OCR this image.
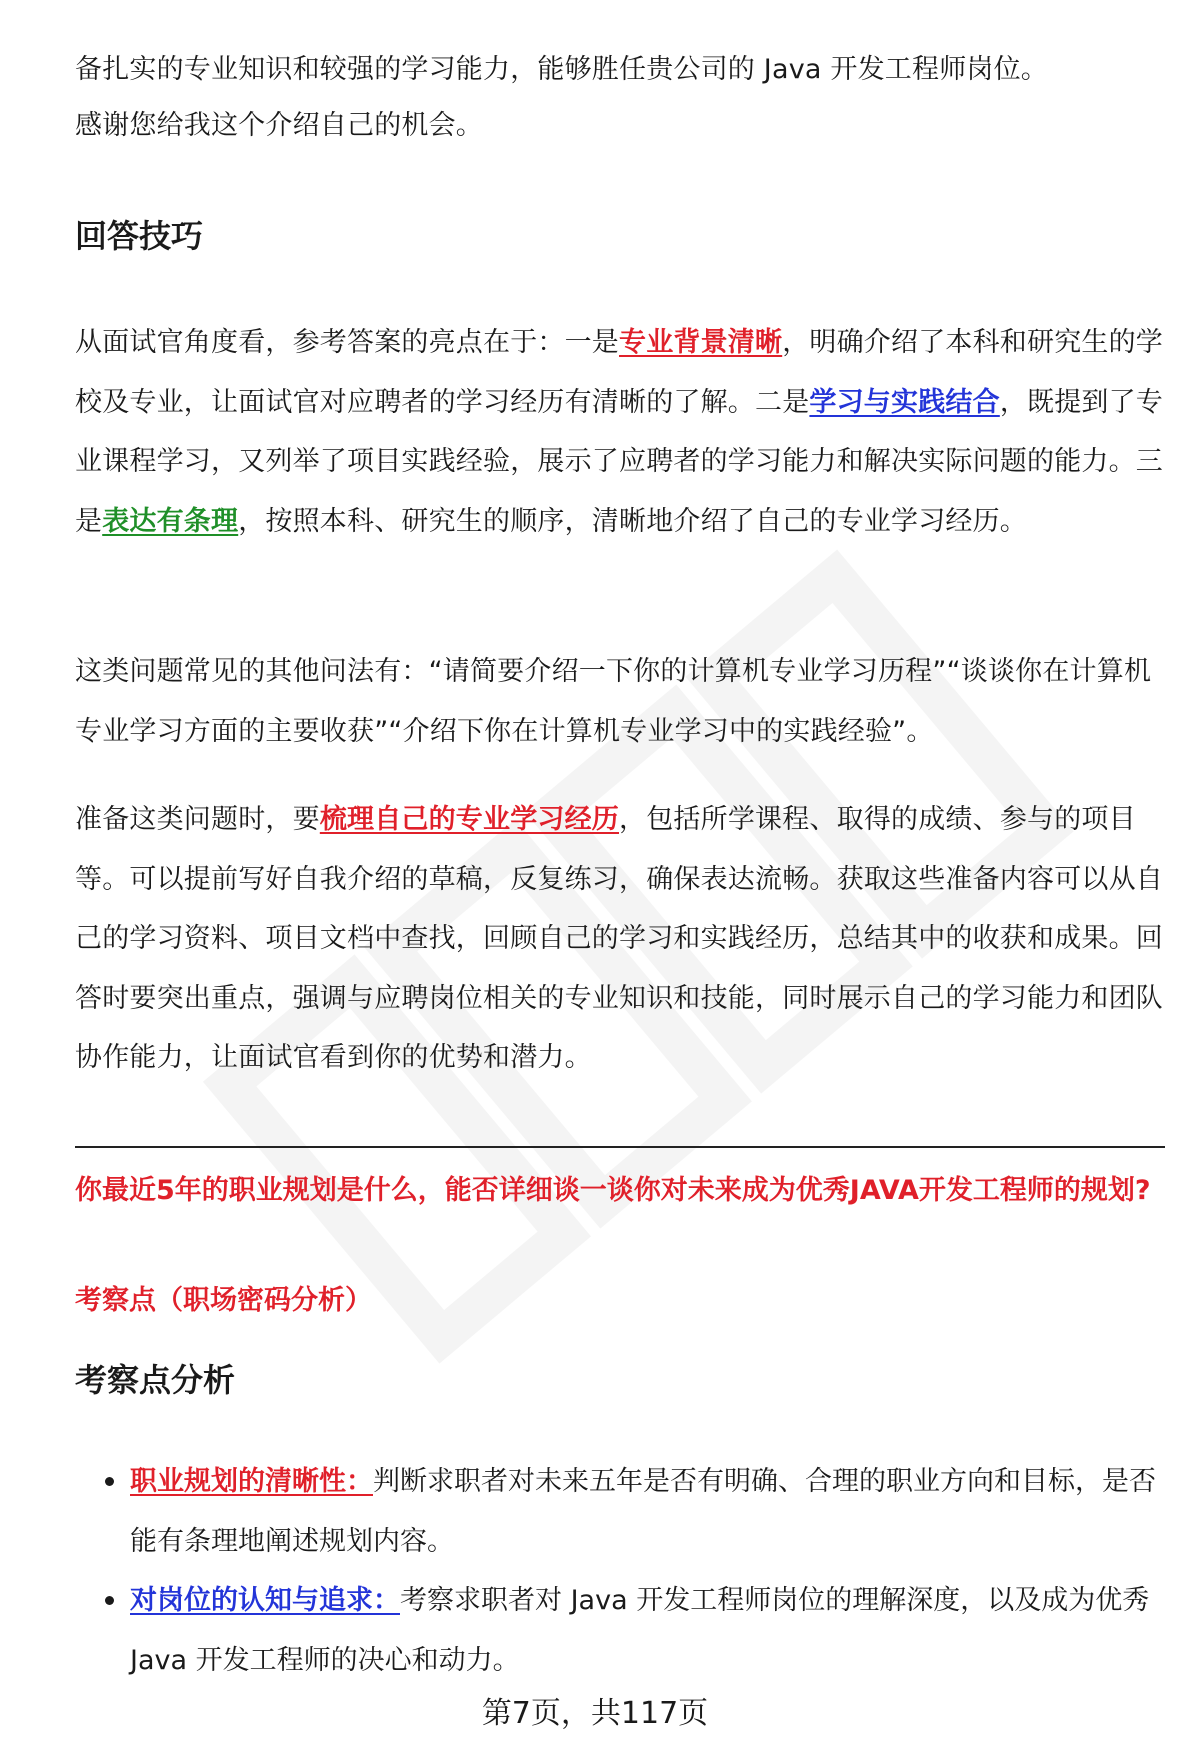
备扎实的专业知识和较强的学习能力，能够胜任贵公司的 Java 开发工程师岗位。

感谢您给我这个介绍自己的机会。

回答技巧

从面试官角度看，参考答案的亮点在于：一是专业背景清晰，明确介绍了本科和研究生的学校及专业，让面试官对应聘者的学习经历有清晰的了解。二是学习与实践结合，既提到了专业课程学习，又列举了项目实践经验，展示了应聘者的学习能力和解决实际问题的能力。三是表达有条理，按照本科、研究生的顺序，清晰地介绍了自己的专业学习经历。

这类问题常见的其他问法有：“请简要介绍一下你的计算机专业学习历程”“谈谈你在计算机专业学习方面的主要收获”“介绍下你在计算机专业学习中的实践经验”。

准备这类问题时，要梳理自己的专业学习经历，包括所学课程、取得的成绩、参与的项目等。可以提前写好自我介绍的草稿，反复练习，确保表达流畅。获取这些准备内容可以从自己的学习资料、项目文档中查找，回顾自己的学习和实践经历，总结其中的收获和成果。回答时要突出重点，强调与应聘岗位相关的专业知识和技能，同时展示自己的学习能力和团队协作能力，让面试官看到你的优势和潜力。

你最近5年的职业规划是什么，能否详细谈一谈你对未来成为优秀JAVA开发工程师的规划?

考察点（职场密码分析）

考察点分析
职业规划的清晰性：判断求职者对未来五年是否有明确、合理的职业方向和目标，是否能有条理地阐述规划内容。
对岗位的认知与追求：考察求职者对 Java 开发工程师岗位的理解深度，以及成为优秀 Java 开发工程师的决心和动力。
第7页，共117页
